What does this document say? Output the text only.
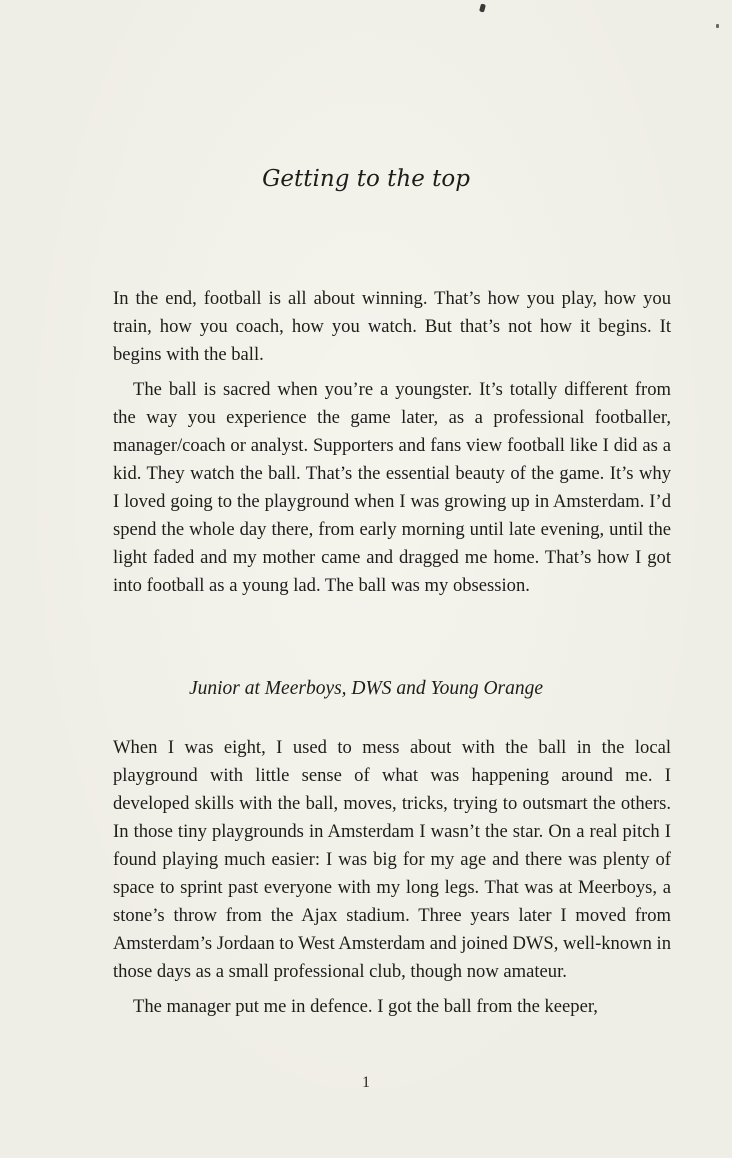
Getting to the top

In the end, football is all about winning. That’s how you play, how you train, how you coach, how you watch. But that’s not how it begins. It begins with the ball.

The ball is sacred when you’re a youngster. It’s totally different from the way you experience the game later, as a professional footballer, manager/coach or analyst. Supporters and fans view football like I did as a kid. They watch the ball. That’s the essential beauty of the game. It’s why I loved going to the playground when I was growing up in Amsterdam. I’d spend the whole day there, from early morning until late evening, until the light faded and my mother came and dragged me home. That’s how I got into football as a young lad. The ball was my obsession.

Junior at Meerboys, DWS and Young Orange

When I was eight, I used to mess about with the ball in the local playground with little sense of what was happening around me. I developed skills with the ball, moves, tricks, trying to outsmart the others. In those tiny playgrounds in Amsterdam I wasn’t the star. On a real pitch I found playing much easier: I was big for my age and there was plenty of space to sprint past everyone with my long legs. That was at Meerboys, a stone’s throw from the Ajax stadium. Three years later I moved from Amsterdam’s Jordaan to West Amsterdam and joined DWS, well-known in those days as a small professional club, though now amateur.

The manager put me in defence. I got the ball from the keeper,

1
